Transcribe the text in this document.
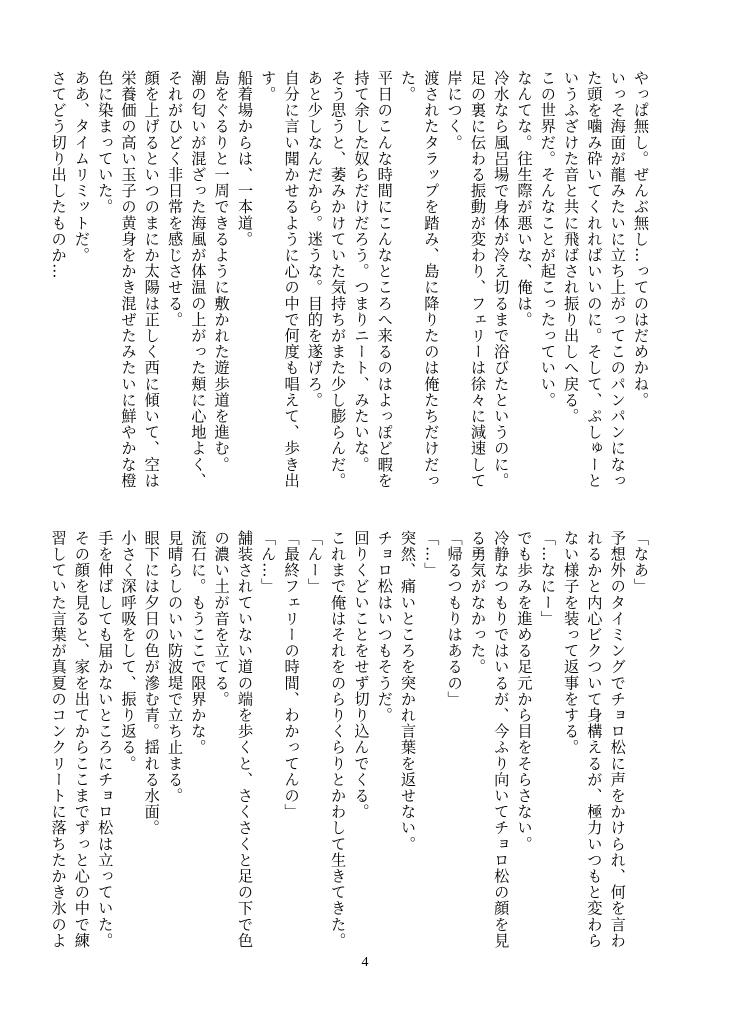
やっぱ無し。ぜんぶ無し…ってのはだめかね。
いっそ海面が龍みたいに立ち上がってこのパンパンになっ
た頭を噛み砕いてくれればいいのに。そして、ぷしゅーと
いうふざけた音と共に飛ばされ振り出しへ戻る。
この世界だ。そんなことが起こったっていい。
なんてな。往生際が悪いな、俺は。
冷水なら風呂場で身体が冷え切るまで浴びたというのに。
足の裏に伝わる振動が変わり、フェリーは徐々に減速して
岸につく。
渡されたタラップを踏み、島に降りたのは俺たちだけだっ
た。
平日のこんな時間にこんなところへ来るのはよっぽど暇を
持て余した奴らだけだろう。つまりニート、みたいな。
そう思うと、萎みかけていた気持ちがまた少し膨らんだ。
あと少しなんだから。迷うな。目的を遂げろ。
自分に言い聞かせるように心の中で何度も唱えて、歩き出
す。
船着場からは、一本道。
島をぐるりと一周できるように敷かれた遊歩道を進む。
潮の匂いが混ざった海風が体温の上がった頬に心地よく、
それがひどく非日常を感じさせる。
顔を上げるといつのまにか太陽は正しく西に傾いて、空は
栄養価の高い玉子の黄身をかき混ぜたみたいに鮮やかな橙
色に染まっていた。
ああ、タイムリミットだ。
さてどう切り出したものか…
「なあ」
予想外のタイミングでチョロ松に声をかけられ、何を言わ
れるかと内心ビクついて身構えるが、極力いつもと変わら
ない様子を装って返事をする。
「…なにー」
でも歩みを進める足元から目をそらさない。
冷静なつもりではいるが、今ふり向いてチョロ松の顔を見
る勇気がなかった。
「帰るつもりはあるの」
「…」
突然、痛いところを突かれ言葉を返せない。
チョロ松はいつもそうだ。
回りくどいことをせず切り込んでくる。
これまで俺はそれをのらりくらりとかわして生きてきた。
「んー」
「最終フェリーの時間、わかってんの」
「ん…」
舗装されていない道の端を歩くと、さくさくと足の下で色
の濃い土が音を立てる。
流石に。もうここで限界かな。
見晴らしのいい防波堤で立ち止まる。
眼下には夕日の色が滲む青。揺れる水面。
小さく深呼吸をして、振り返る。
手を伸ばしても届かないところにチョロ松は立っていた。
その顔を見ると、家を出てからここまでずっと心の中で練
習していた言葉が真夏のコンクリートに落ちたかき氷のよ
4
